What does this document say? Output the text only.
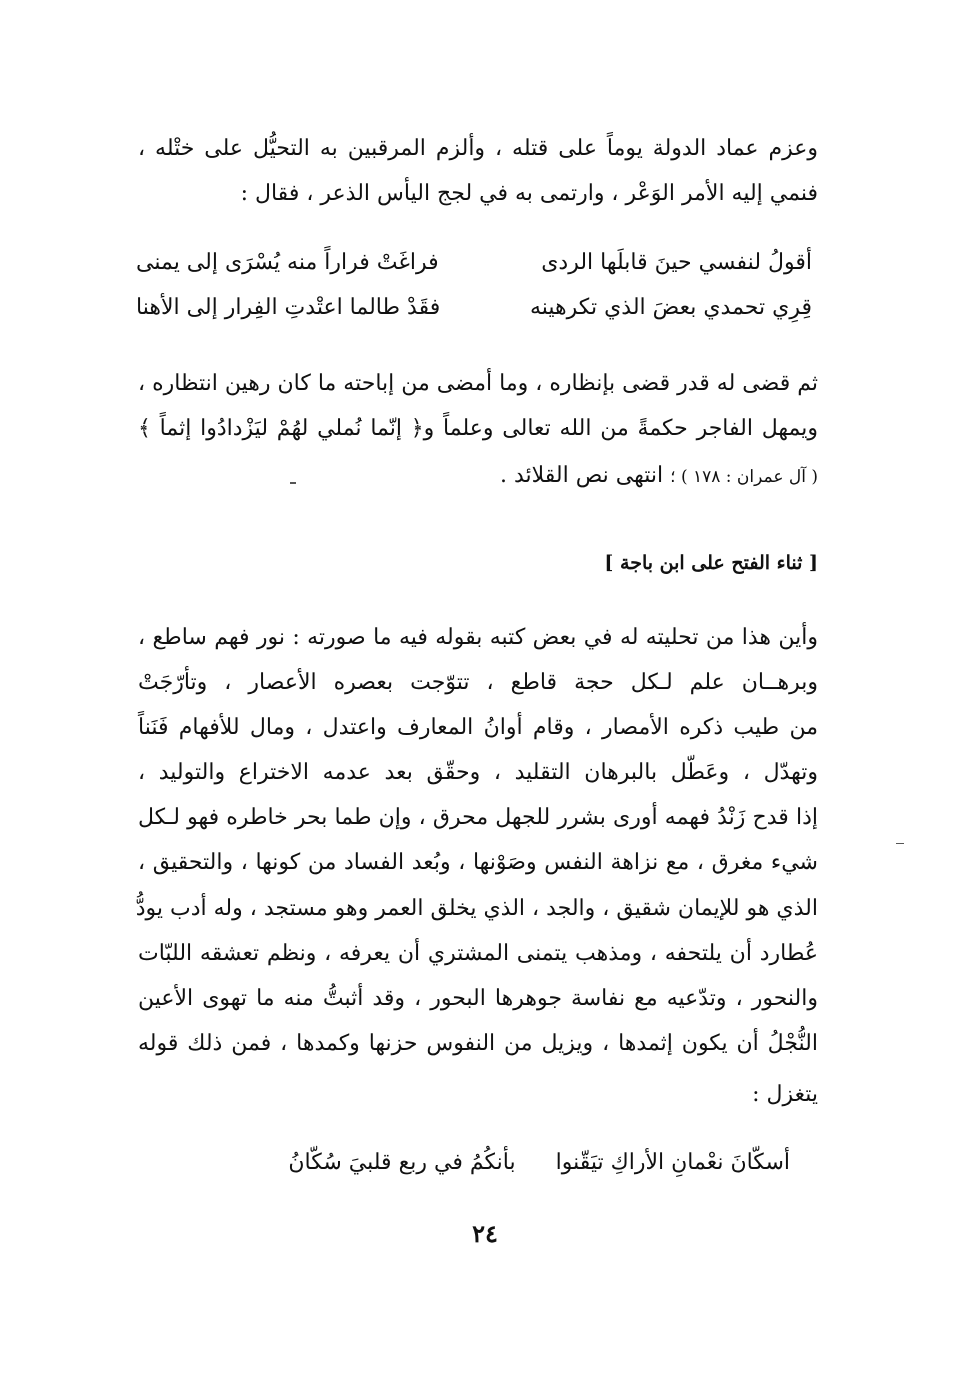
وعزم عماد الدولة يوماً على قتله ، وألزم المرقبين به التحيُّل على ختْله ،
فنمي إليه الأمر الوَعْر ، وارتمى به في لجج اليأس الذعر ، فقال :
أقولُ لنفسي حينَ قابلَها الردى
فراغَتْ فراراً منه يُسْرَى إلى يمنى
قِرِي تحمدي بعضَ الذي تكرهينه
فقَدْ طالما اعتْدتِ الفِرار إلى الأهنا
ثم قضى له قدر قضى بإنظاره ، وما أمضى من إباحته ما كان رهين انتظاره ،
ويمهل الفاجر حكمةً من الله تعالى وعلماً و﴿ إنّما نُملي لهُمْ ليَزْدادُوا إثماً ﴾
( آل عمران : ١٧٨ ) ؛ انتهى نص القلائد .
[ ثناء الفتح على ابن باجة ]
وأين هذا من تحليته له في بعض كتبه بقوله فيه ما صورته : نور فهم ساطع ،
وبرهــان علم لـكل حجة قاطع ، تتوّجت بعصره الأعصار ، وتأرّجَتْ
من طيب ذكره الأمصار ، وقام أوانُ المعارف واعتدل ، ومال للأفهام فَنَناً
وتهدّل ، وعَطّل بالبرهان التقليد ، وحقّق بعد عدمه الاختراع والتوليد ،
إذا قدح زَنْدُ فهمه أورى بشرر للجهل محرق ، وإن طما بحر خاطره فهو لـكل
شيء مغرق ، مع نزاهة النفس وصَوْنها ، وبُعد الفساد من كونها ، والتحقيق ،
الذي هو للإيمان شقيق ، والجد ، الذي يخلق العمر وهو مستجد ، وله أدب يودُّ
عُطارد أن يلتحفه ، ومذهب يتمنى المشتري أن يعرفه ، ونظم تعشقه اللبّات
والنحور ، وتدّعيه مع نفاسة جوهرها البحور ، وقد أثبتُّ منه ما تهوى الأعين
النُّجْلُ أن يكون إثمدها ، ويزيل من النفوس حزنها وكمدها ، فمن ذلك قوله
يتغزل :
أسكّانَ نعْمانِ الأراكِ تيَقّنوا
بأنكُمُ في ربع قلبيَ سُكّانُ
٢٤
